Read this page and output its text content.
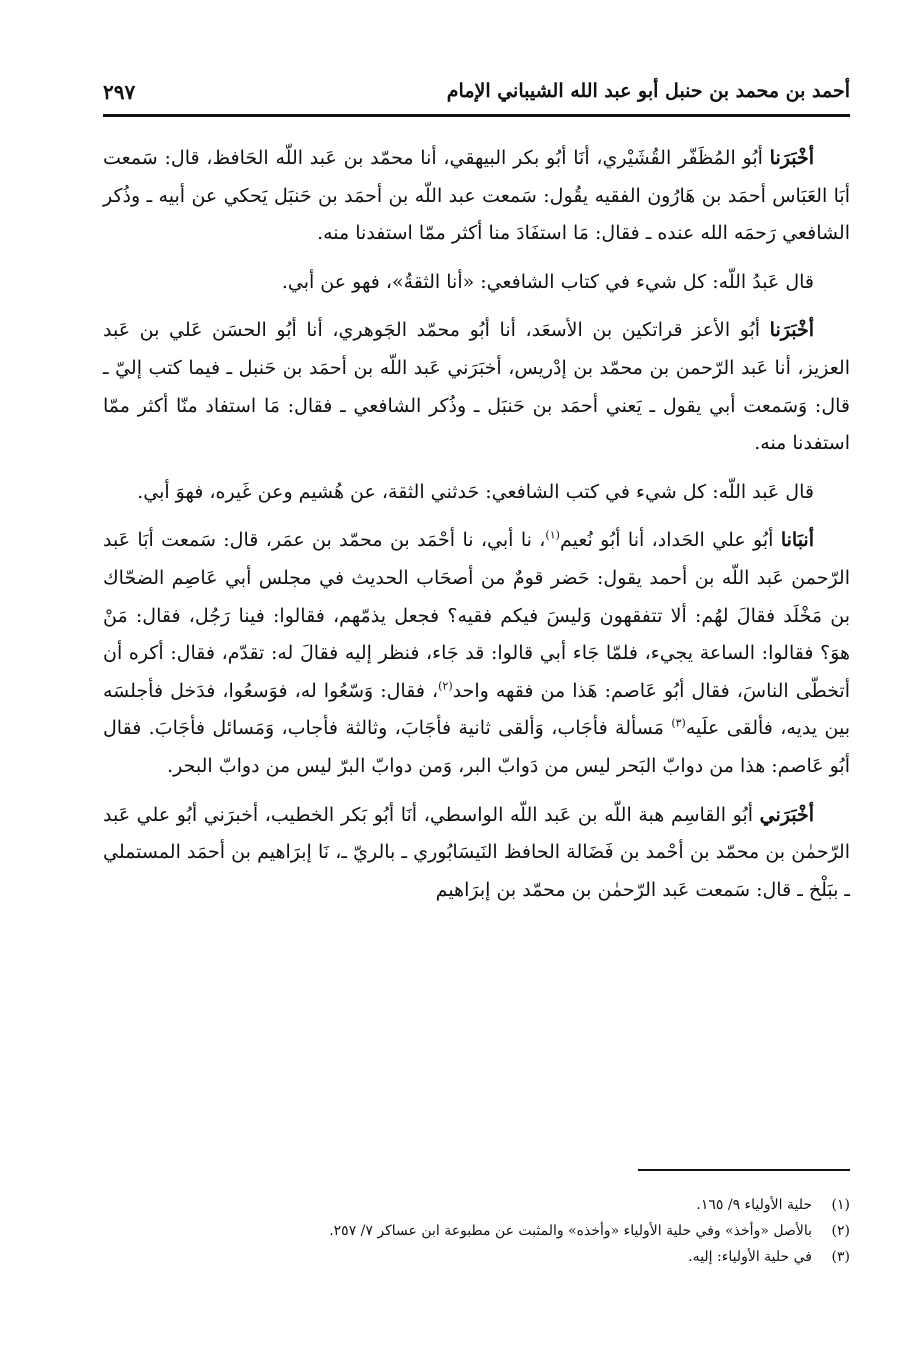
أحمد بن محمد بن حنبل أبو عبد الله الشيباني الإمام
٢٩٧

أخْبَرَنا أبُو المُظَفّر القُشَيْري، أنَا أبُو بكر البيهقي، أنا محمّد بن عَبد اللّه الحَافظ، قال: سَمعت أبَا العَبَاس أحمَد بن هَارُون الفقيه يقُول: سَمعت عبد اللّه بن أحمَد بن حَنبَل يَحكي عن أبيه ـ وذُكر الشافعي رَحمَه الله عنده ـ فقال: مَا استفَادَ منا أكثر ممّا استفدنا منه.

قال عَبدُ اللّه: كل شيء في كتاب الشافعي: «أنا الثقةُ»، فهو عن أبي.

أخْبَرَنا أبُو الأعز قراتكين بن الأسعَد، أنا أبُو محمّد الجَوهري، أنا أبُو الحسَن عَلي بن عَبد العزيز، أنا عَبد الرّحمن بن محمّد بن إدْريس، أخبَرَني عَبد اللّه بن أحمَد بن حَنبل ـ فيما كتب إليّ ـ قال: وَسَمعت أبي يقول ـ يَعني أحمَد بن حَنبَل ـ وذُكر الشافعي ـ فقال: مَا استفاد منّا أكثر ممّا استفدنا منه.

قال عَبد اللّه: كل شيء في كتب الشافعي: حَدثني الثقة، عن هُشيم وعن غَيره، فهوَ أبي.

أنبَانا أبُو علي الحَداد، أنا أبُو نُعيم$^{(١)}$، نا أبي، نا أحْمَد بن محمّد بن عمَر، قال: سَمعت أبَا عَبد الرّحمن عَبد اللّه بن أحمد يقول: حَضر قومٌ من أصحَاب الحديث في مجلس أبي عَاصِم الضحّاك بن مَخْلَد فقالَ لهُم: ألا تتفقهون وَليسَ فيكم فقيه؟ فجعل يذمّهم، فقالوا: فينا رَجُل، فقال: مَنْ هوَ؟ فقالوا: الساعة يجيء، فلمّا جَاء أبي قالوا: قد جَاء، فنظر إليه فقالَ له: تقدّم، فقال: أكره أن أتخطّى الناسَ، فقال أبُو عَاصم: هَذا من فقهه واحد$^{(٢)}$، فقال: وَسّعُوا له، فوَسعُوا، فدَخل فأجلسَه بين يديه، فألقى علَيه$^{(٣)}$ مَسألة فأجَاب، وَألقى ثانية فأجَابَ، وثالثة فأجاب، وَمَسائل فأجَابَ. فقال أبُو عَاصم: هذا من دوابّ البَحر ليس من دَوابّ البر، وَمن دوابّ البرّ ليس من دوابّ البحر.

أخْبَرَني أبُو القاسِم هبة اللّه بن عَبد اللّه الواسطي، أنَا أبُو بَكر الخطيب، أخبرَني أبُو علي عَبد الرّحمٰن بن محمّد بن أحْمد بن فَضَالة الحافظ النَيسَابُوري ـ بالريّ ـ، نَا إبرَاهيم بن أحمَد المستملي ـ ببَلْخ ـ قال: سَمعت عَبد الرّحمٰن بن محمّد بن إبرَاهيم

(١)
حلية الأولياء ٩/ ١٦٥.
(٢)
بالأصل «وأخذ» وفي حلية الأولياء «وأخذه» والمثبت عن مطبوعة ابن عساكر ٧/ ٢٥٧.
(٣)
في حلية الأولياء: إليه.
